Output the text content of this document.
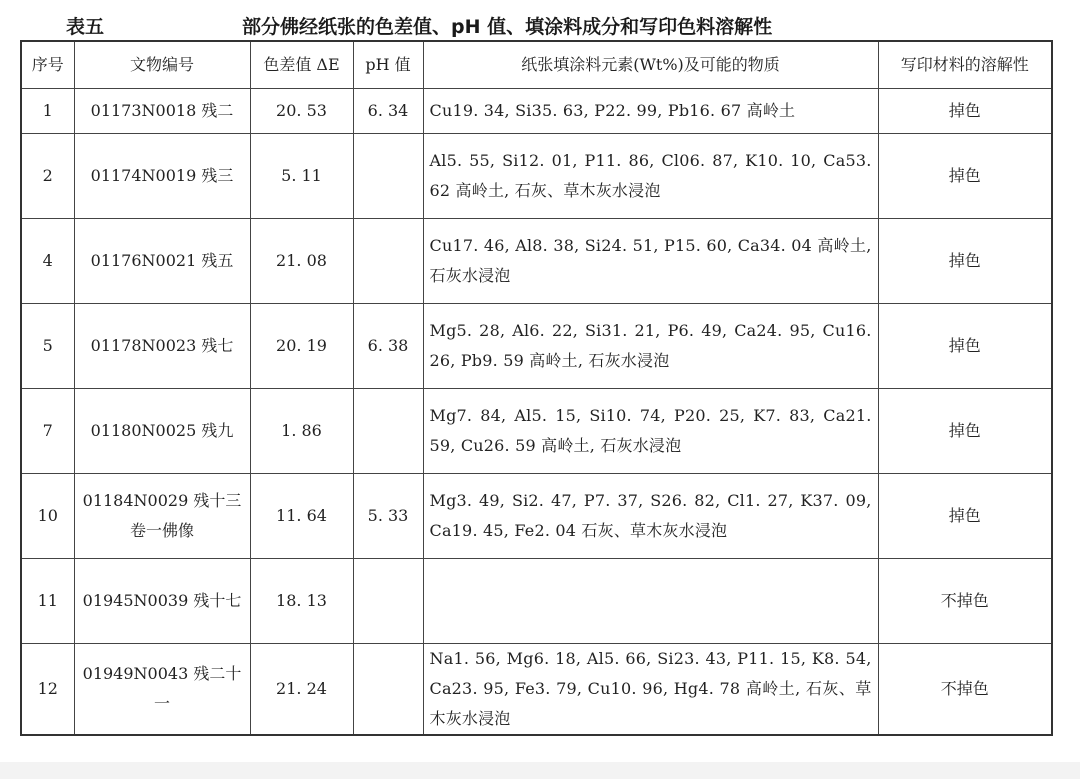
表五	部分佛经纸张的色差值、pH 值、填涂料成分和写印色料溶解性
序号	文物编号	色差值 ΔE	pH 值	纸张填涂料元素(Wt%)及可能的物质	写印材料的溶解性
1	01173N0018 残二	20. 53	6. 34	Cu19. 34, Si35. 63, P22. 99, Pb16. 67 高岭土	掉色
2	01174N0019 残三	5. 11		Al5. 55, Si12. 01, P11. 86, Cl06. 87, K10. 10, Ca53. 62 高岭土, 石灰、草木灰水浸泡	掉色
4	01176N0021 残五	21. 08		Cu17. 46, Al8. 38, Si24. 51, P15. 60, Ca34. 04 高岭土, 石灰水浸泡	掉色
5	01178N0023 残七	20. 19	6. 38	Mg5. 28, Al6. 22, Si31. 21, P6. 49, Ca24. 95, Cu16. 26, Pb9. 59 高岭土, 石灰水浸泡	掉色
7	01180N0025 残九	1. 86		Mg7. 84, Al5. 15, Si10. 74, P20. 25, K7. 83, Ca21. 59, Cu26. 59 高岭土, 石灰水浸泡	掉色
10	01184N0029 残十三卷一佛像	11. 64	5. 33	Mg3. 49, Si2. 47, P7. 37, S26. 82, Cl1. 27, K37. 09, Ca19. 45, Fe2. 04 石灰、草木灰水浸泡	掉色
11	01945N0039 残十七	18. 13			不掉色
12	01949N0043 残二十一	21. 24		Na1. 56, Mg6. 18, Al5. 66, Si23. 43, P11. 15, K8. 54, Ca23. 95, Fe3. 79, Cu10. 96, Hg4. 78 高岭土, 石灰、草木灰水浸泡	不掉色
